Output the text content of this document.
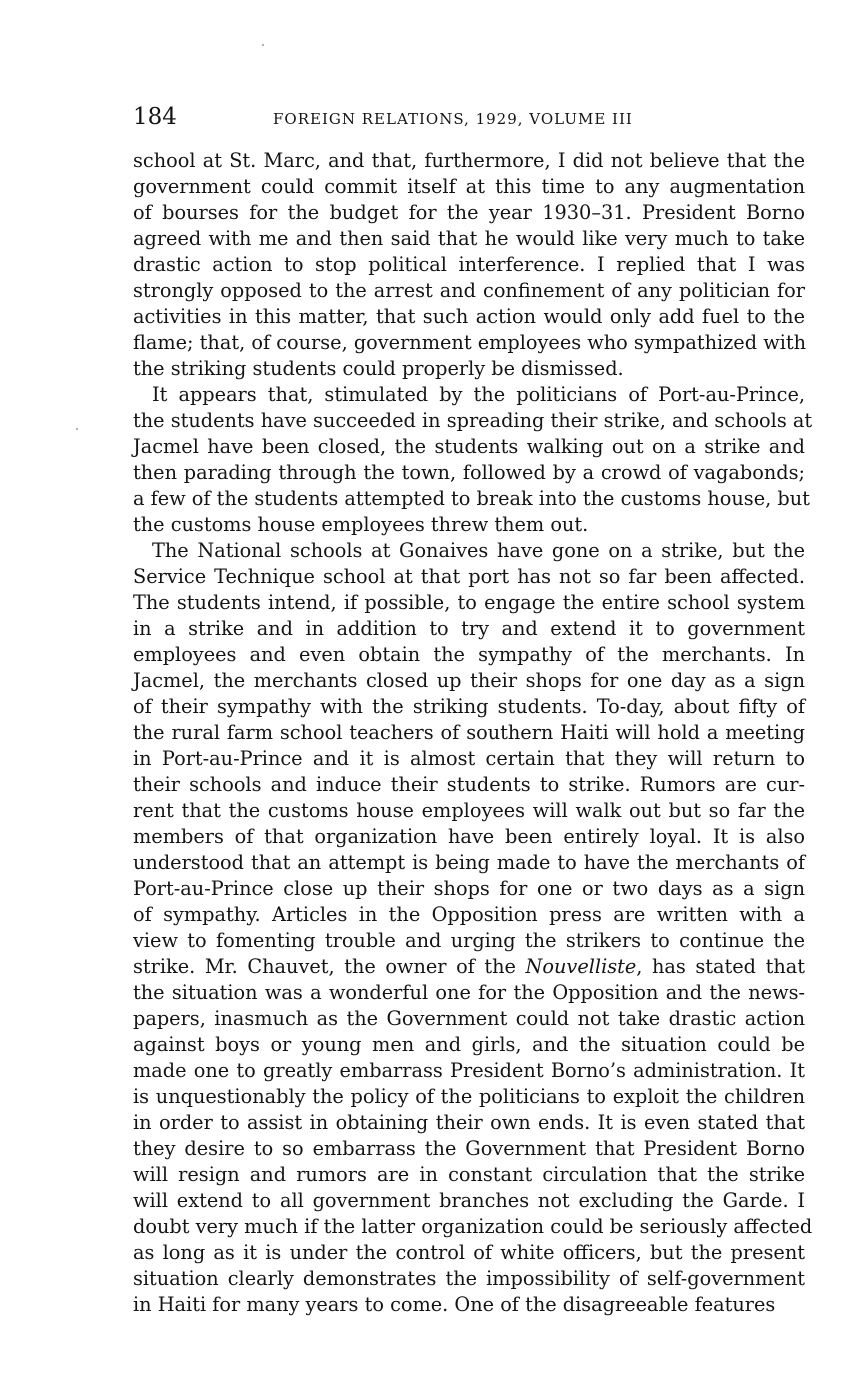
184	FOREIGN RELATIONS, 1929, VOLUME III
school at St. Marc, and that, furthermore, I did not believe that the
government could commit itself at this time to any augmentation
of bourses for the budget for the year 1930–31. President Borno
agreed with me and then said that he would like very much to take
drastic action to stop political interference. I replied that I was
strongly opposed to the arrest and confinement of any politician for
activities in this matter, that such action would only add fuel to the
flame; that, of course, government employees who sympathized with
the striking students could properly be dismissed.
It appears that, stimulated by the politicians of Port-au-Prince,
the students have succeeded in spreading their strike, and schools at
Jacmel have been closed, the students walking out on a strike and
then parading through the town, followed by a crowd of vagabonds;
a few of the students attempted to break into the customs house, but
the customs house employees threw them out.
The National schools at Gonaives have gone on a strike, but the
Service Technique school at that port has not so far been affected.
The students intend, if possible, to engage the entire school system
in a strike and in addition to try and extend it to government
employees and even obtain the sympathy of the merchants. In
Jacmel, the merchants closed up their shops for one day as a sign
of their sympathy with the striking students. To-day, about fifty of
the rural farm school teachers of southern Haiti will hold a meeting
in Port-au-Prince and it is almost certain that they will return to
their schools and induce their students to strike. Rumors are cur-
rent that the customs house employees will walk out but so far the
members of that organization have been entirely loyal. It is also
understood that an attempt is being made to have the merchants of
Port-au-Prince close up their shops for one or two days as a sign
of sympathy. Articles in the Opposition press are written with a
view to fomenting trouble and urging the strikers to continue the
strike. Mr. Chauvet, the owner of the Nouvelliste, has stated that
the situation was a wonderful one for the Opposition and the news-
papers, inasmuch as the Government could not take drastic action
against boys or young men and girls, and the situation could be
made one to greatly embarrass President Borno’s administration. It
is unquestionably the policy of the politicians to exploit the children
in order to assist in obtaining their own ends. It is even stated that
they desire to so embarrass the Government that President Borno
will resign and rumors are in constant circulation that the strike
will extend to all government branches not excluding the Garde. I
doubt very much if the latter organization could be seriously affected
as long as it is under the control of white officers, but the present
situation clearly demonstrates the impossibility of self-government
in Haiti for many years to come. One of the disagreeable features
